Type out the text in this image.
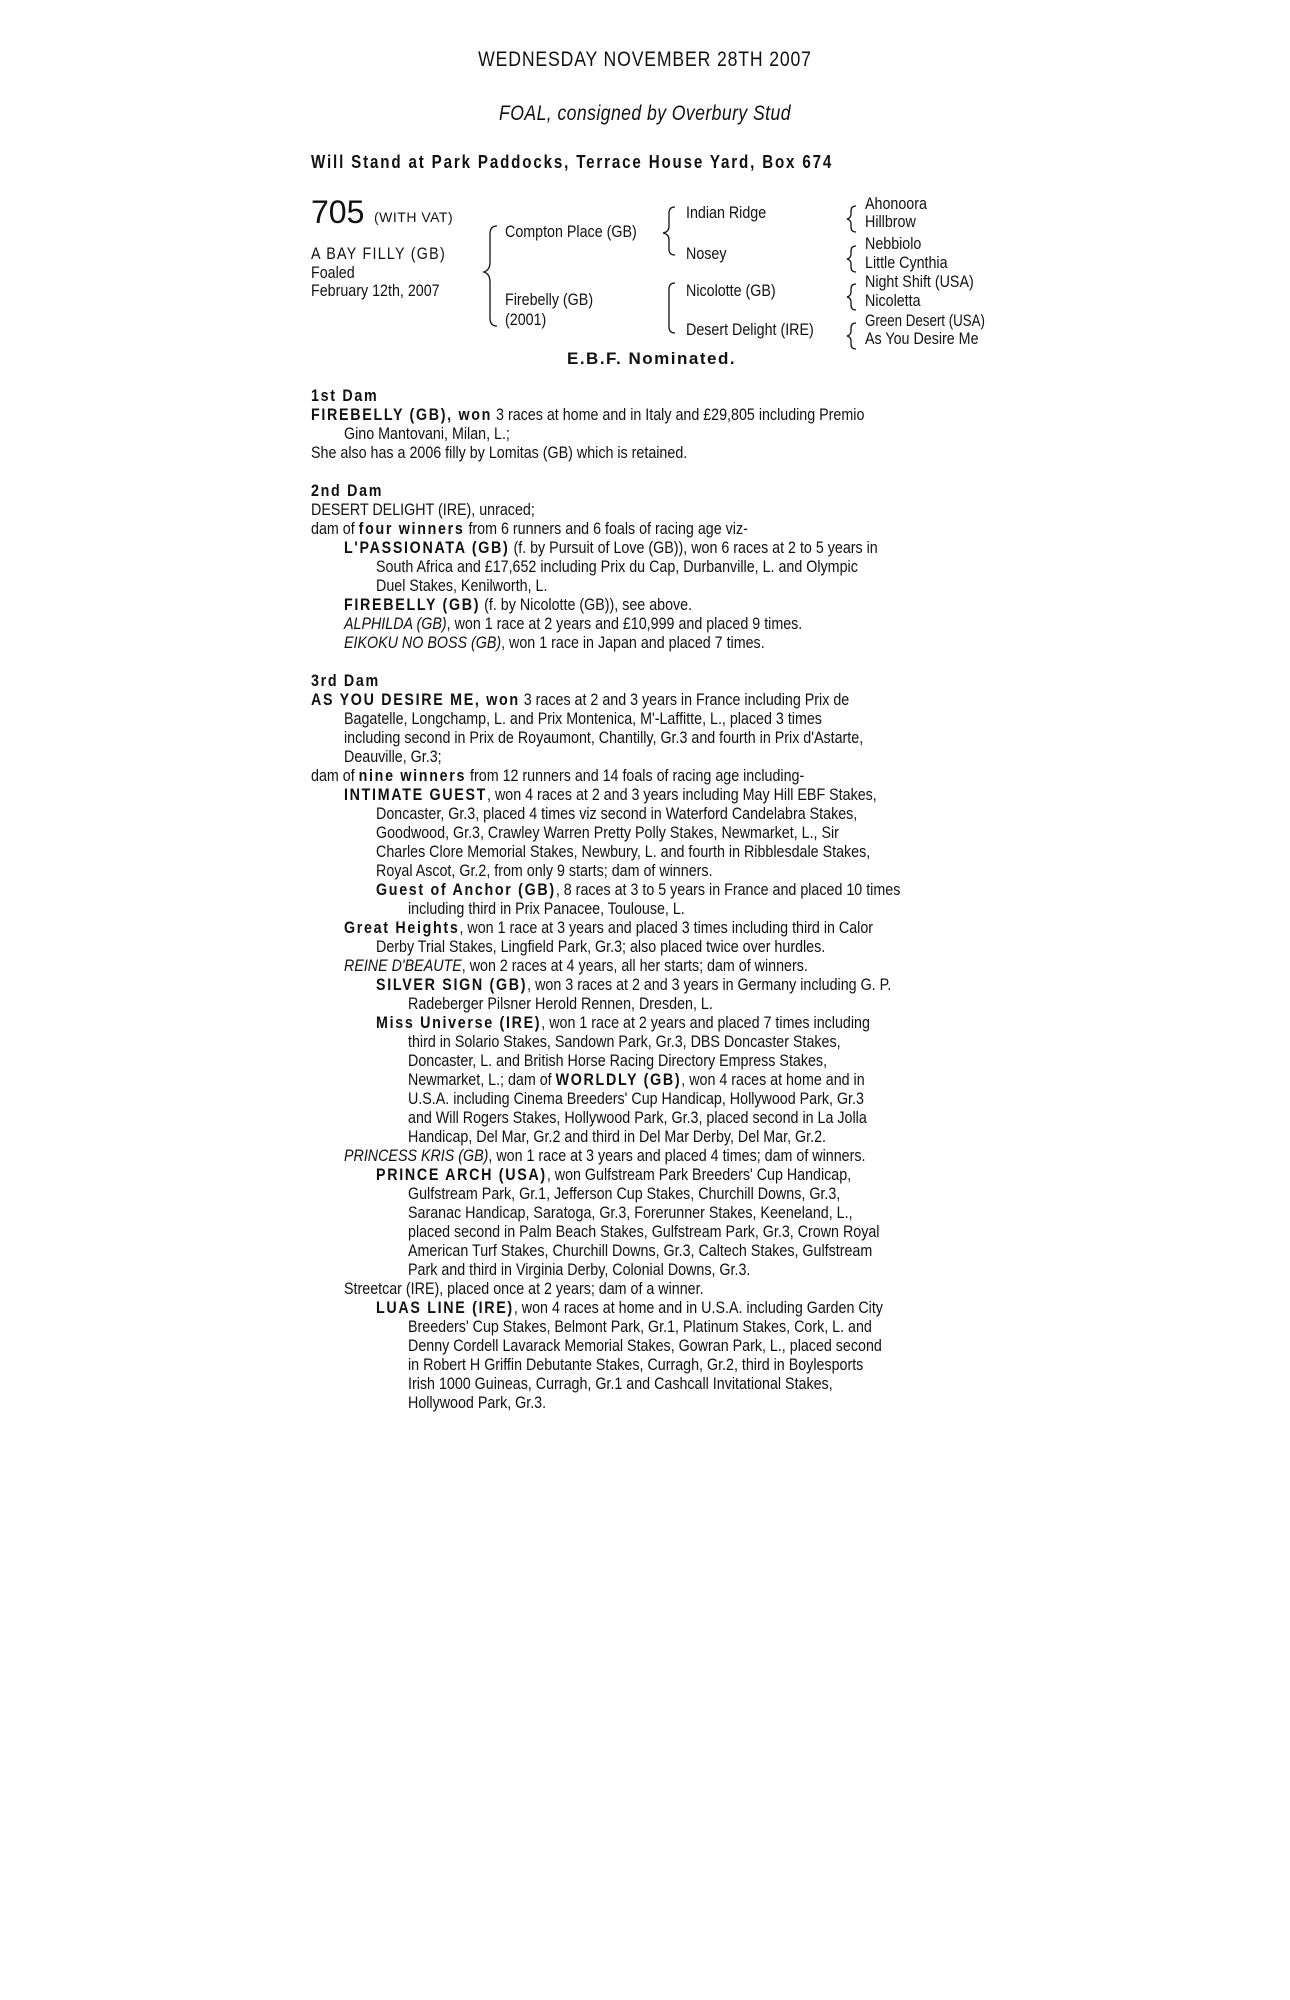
WEDNESDAY NOVEMBER 28TH 2007
FOAL, consigned by Overbury Stud
Will Stand at Park Paddocks, Terrace House Yard, Box 674
705 (WITH VAT)
A BAY FILLY (GB)
Foaled
February 12th, 2007
Compton Place (GB)
Firebelly (GB)
(2001)
Indian Ridge
Nosey
Nicolotte (GB)
Desert Delight (IRE)
Ahonoora
Hillbrow
Nebbiolo
Little Cynthia
Night Shift (USA)
Nicoletta
Green Desert (USA)
As You Desire Me
E.B.F. Nominated.
1st Dam
FIREBELLY (GB), won 3 races at home and in Italy and £29,805 including Premio
Gino Mantovani, Milan, L.;
She also has a 2006 filly by Lomitas (GB) which is retained.
2nd Dam
DESERT DELIGHT (IRE), unraced;
dam of four winners from 6 runners and 6 foals of racing age viz-
L'PASSIONATA (GB) (f. by Pursuit of Love (GB)), won 6 races at 2 to 5 years in
South Africa and £17,652 including Prix du Cap, Durbanville, L. and Olympic
Duel Stakes, Kenilworth, L.
FIREBELLY (GB) (f. by Nicolotte (GB)), see above.
ALPHILDA (GB), won 1 race at 2 years and £10,999 and placed 9 times.
EIKOKU NO BOSS (GB), won 1 race in Japan and placed 7 times.
3rd Dam
AS YOU DESIRE ME, won 3 races at 2 and 3 years in France including Prix de
Bagatelle, Longchamp, L. and Prix Montenica, M'-Laffitte, L., placed 3 times
including second in Prix de Royaumont, Chantilly, Gr.3 and fourth in Prix d'Astarte,
Deauville, Gr.3;
dam of nine winners from 12 runners and 14 foals of racing age including-
INTIMATE GUEST, won 4 races at 2 and 3 years including May Hill EBF Stakes,
Doncaster, Gr.3, placed 4 times viz second in Waterford Candelabra Stakes,
Goodwood, Gr.3, Crawley Warren Pretty Polly Stakes, Newmarket, L., Sir
Charles Clore Memorial Stakes, Newbury, L. and fourth in Ribblesdale Stakes,
Royal Ascot, Gr.2, from only 9 starts; dam of winners.
Guest of Anchor (GB), 8 races at 3 to 5 years in France and placed 10 times
including third in Prix Panacee, Toulouse, L.
Great Heights, won 1 race at 3 years and placed 3 times including third in Calor
Derby Trial Stakes, Lingfield Park, Gr.3; also placed twice over hurdles.
REINE D'BEAUTE, won 2 races at 4 years, all her starts; dam of winners.
SILVER SIGN (GB), won 3 races at 2 and 3 years in Germany including G. P.
Radeberger Pilsner Herold Rennen, Dresden, L.
Miss Universe (IRE), won 1 race at 2 years and placed 7 times including
third in Solario Stakes, Sandown Park, Gr.3, DBS Doncaster Stakes,
Doncaster, L. and British Horse Racing Directory Empress Stakes,
Newmarket, L.; dam of WORLDLY (GB), won 4 races at home and in
U.S.A. including Cinema Breeders' Cup Handicap, Hollywood Park, Gr.3
and Will Rogers Stakes, Hollywood Park, Gr.3, placed second in La Jolla
Handicap, Del Mar, Gr.2 and third in Del Mar Derby, Del Mar, Gr.2.
PRINCESS KRIS (GB), won 1 race at 3 years and placed 4 times; dam of winners.
PRINCE ARCH (USA), won Gulfstream Park Breeders' Cup Handicap,
Gulfstream Park, Gr.1, Jefferson Cup Stakes, Churchill Downs, Gr.3,
Saranac Handicap, Saratoga, Gr.3, Forerunner Stakes, Keeneland, L.,
placed second in Palm Beach Stakes, Gulfstream Park, Gr.3, Crown Royal
American Turf Stakes, Churchill Downs, Gr.3, Caltech Stakes, Gulfstream
Park and third in Virginia Derby, Colonial Downs, Gr.3.
Streetcar (IRE), placed once at 2 years; dam of a winner.
LUAS LINE (IRE), won 4 races at home and in U.S.A. including Garden City
Breeders' Cup Stakes, Belmont Park, Gr.1, Platinum Stakes, Cork, L. and
Denny Cordell Lavarack Memorial Stakes, Gowran Park, L., placed second
in Robert H Griffin Debutante Stakes, Curragh, Gr.2, third in Boylesports
Irish 1000 Guineas, Curragh, Gr.1 and Cashcall Invitational Stakes,
Hollywood Park, Gr.3.
